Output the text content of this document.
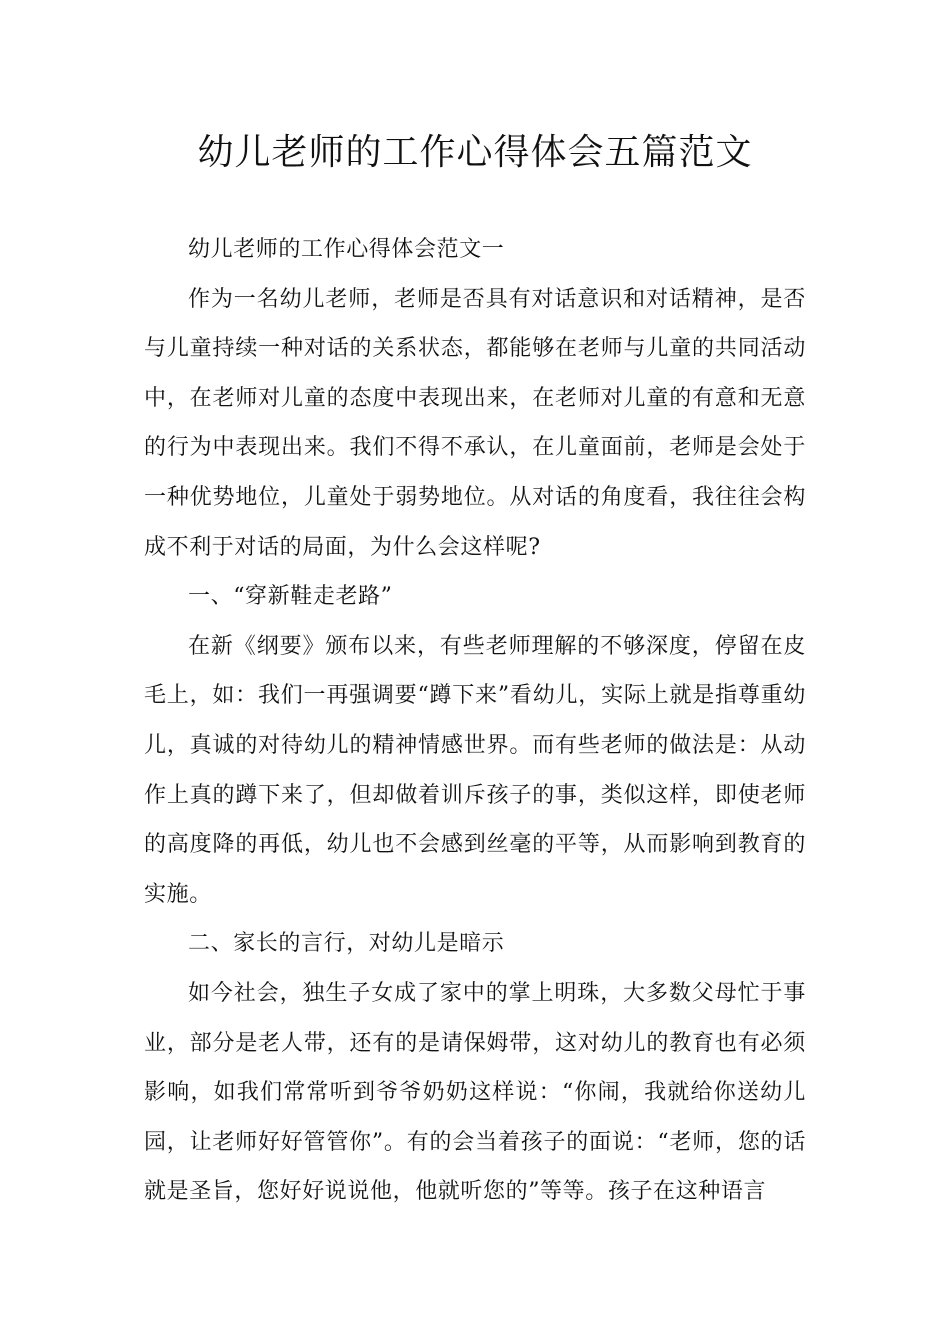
幼儿老师的工作心得体会五篇范文

幼儿老师的工作心得体会范文一

作为一名幼儿老师，老师是否具有对话意识和对话精神，是否与儿童持续一种对话的关系状态，都能够在老师与儿童的共同活动中，在老师对儿童的态度中表现出来，在老师对儿童的有意和无意的行为中表现出来。我们不得不承认，在儿童面前，老师是会处于一种优势地位，儿童处于弱势地位。从对话的角度看，我往往会构成不利于对话的局面，为什么会这样呢?

一、“穿新鞋走老路”

在新《纲要》颁布以来，有些老师理解的不够深度，停留在皮毛上，如：我们一再强调要“蹲下来”看幼儿，实际上就是指尊重幼儿，真诚的对待幼儿的精神情感世界。而有些老师的做法是：从动作上真的蹲下来了，但却做着训斥孩子的事，类似这样，即使老师的高度降的再低，幼儿也不会感到丝毫的平等，从而影响到教育的实施。

二、家长的言行，对幼儿是暗示

如今社会，独生子女成了家中的掌上明珠，大多数父母忙于事业，部分是老人带，还有的是请保姆带，这对幼儿的教育也有必须影响，如我们常常听到爷爷奶奶这样说：“你闹，我就给你送幼儿园，让老师好好管管你”。有的会当着孩子的面说：“老师，您的话就是圣旨，您好好说说他，他就听您的”等等。孩子在这种语言
